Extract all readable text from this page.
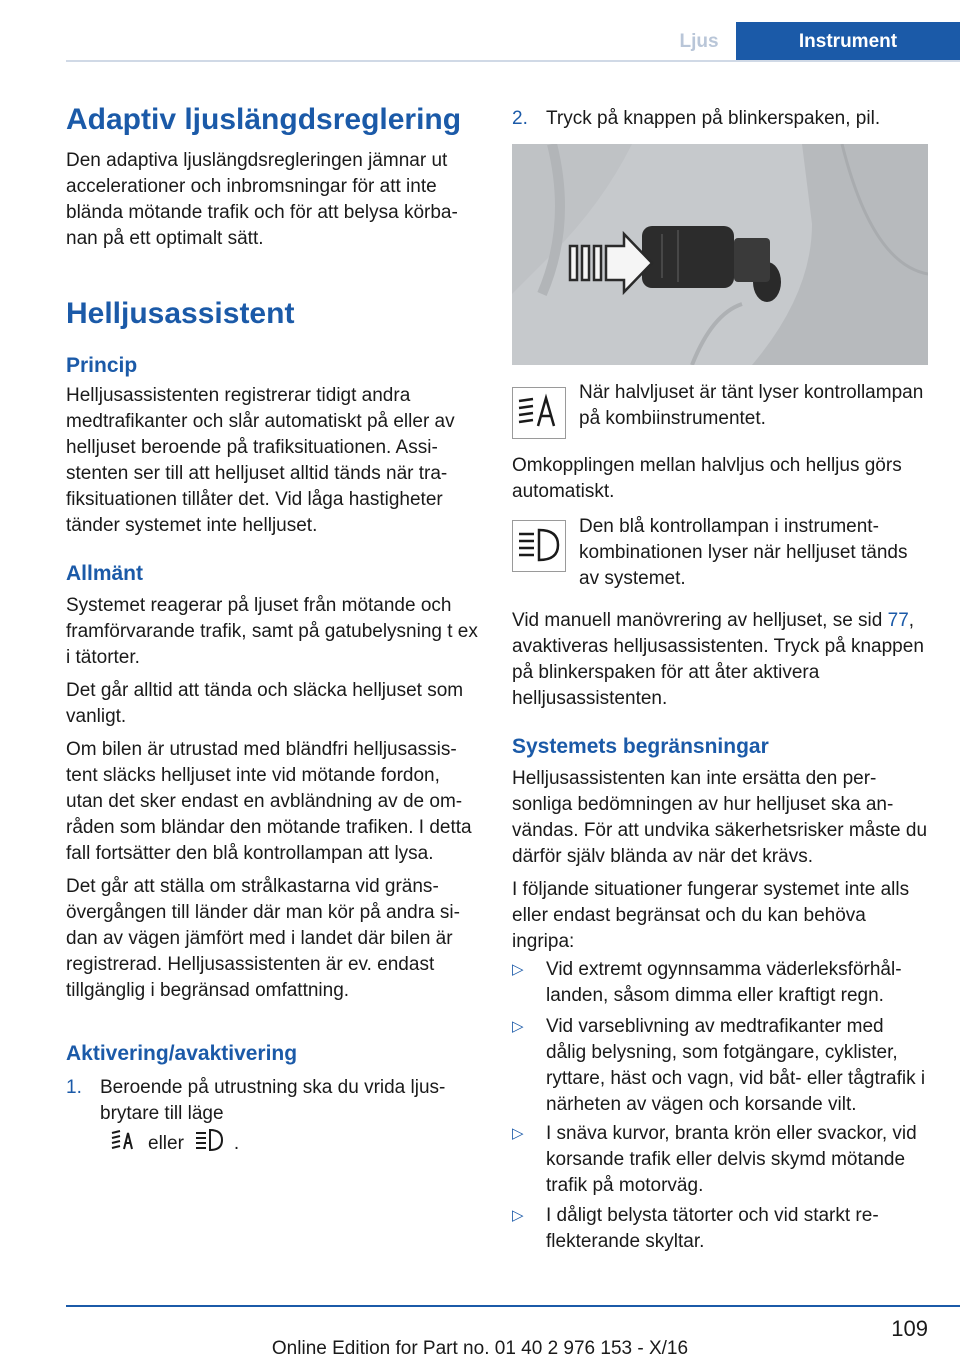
Ljus	Instrument
Adaptiv ljuslängdsreglering

Den adaptiva ljuslängdsregleringen jämnar ut accelerationer och inbromsningar för att inte blända mötande trafik och för att belysa körbanan på ett optimalt sätt.

Helljusassistent
Princip

Helljusassistenten registrerar tidigt andra medtrafikanter och slår automatiskt på eller av helljuset beroende på trafiksituationen. Assistenten ser till att helljuset alltid tänds när trafiksituationen tillåter det. Vid låga hastigheter tänder systemet inte helljuset.

Allmänt

Systemet reagerar på ljuset från mötande och framförvarande trafik, samt på gatubelysning t ex i tätorter.

Det går alltid att tända och släcka helljuset som vanligt.

Om bilen är utrustad med bländfri helljusassistent släcks helljuset inte vid mötande fordon, utan det sker endast en avbländning av de områden som bländar den mötande trafiken. I detta fall fortsätter den blå kontrollampan att lysa.

Det går att ställa om strålkastarna vid gränsövergången till länder där man kör på andra sidan av vägen jämfört med i landet där bilen är registrerad. Helljusassistenten är ev. endast tillgänglig i begränsad omfattning.

Aktivering/avaktivering
1. Beroende på utrustning ska du vrida ljusbrytare till läge

eller	.

2. Tryck på knappen på blinkerspaken, pil.

När halvljuset är tänt lyser kontrollampan på kombiinstrumentet.

Omkopplingen mellan halvljus och helljus görs automatiskt.

Den blå kontrollampan i instrumentkombinationen lyser när helljuset tänds av systemet.

Vid manuell manövrering av helljuset, se sid 77, avaktiveras helljusassistenten. Tryck på knappen på blinkerspaken för att åter aktivera helljusassistenten.

Systemets begränsningar

Helljusassistenten kan inte ersätta den personliga bedömningen av hur helljuset ska användas. För att undvika säkerhetsrisker måste du därför själv blända av när det krävs.

I följande situationer fungerar systemet inte alls eller endast begränsat och du kan behöva ingripa:

▷	Vid extremt ogynnsamma väderleksförhållanden, såsom dimma eller kraftigt regn.

▷	Vid varseblivning av medtrafikanter med dålig belysning, som fotgängare, cyklister, ryttare, häst och vagn, vid båt- eller tågtrafik i närheten av vägen och korsande vilt.

▷	I snäva kurvor, branta krön eller svackor, vid korsande trafik eller delvis skymd mötande trafik på motorväg.

▷	I dåligt belysta tätorter och vid starkt reflekterande skyltar.

109
Online Edition for Part no. 01 40 2 976 153 - X/16
